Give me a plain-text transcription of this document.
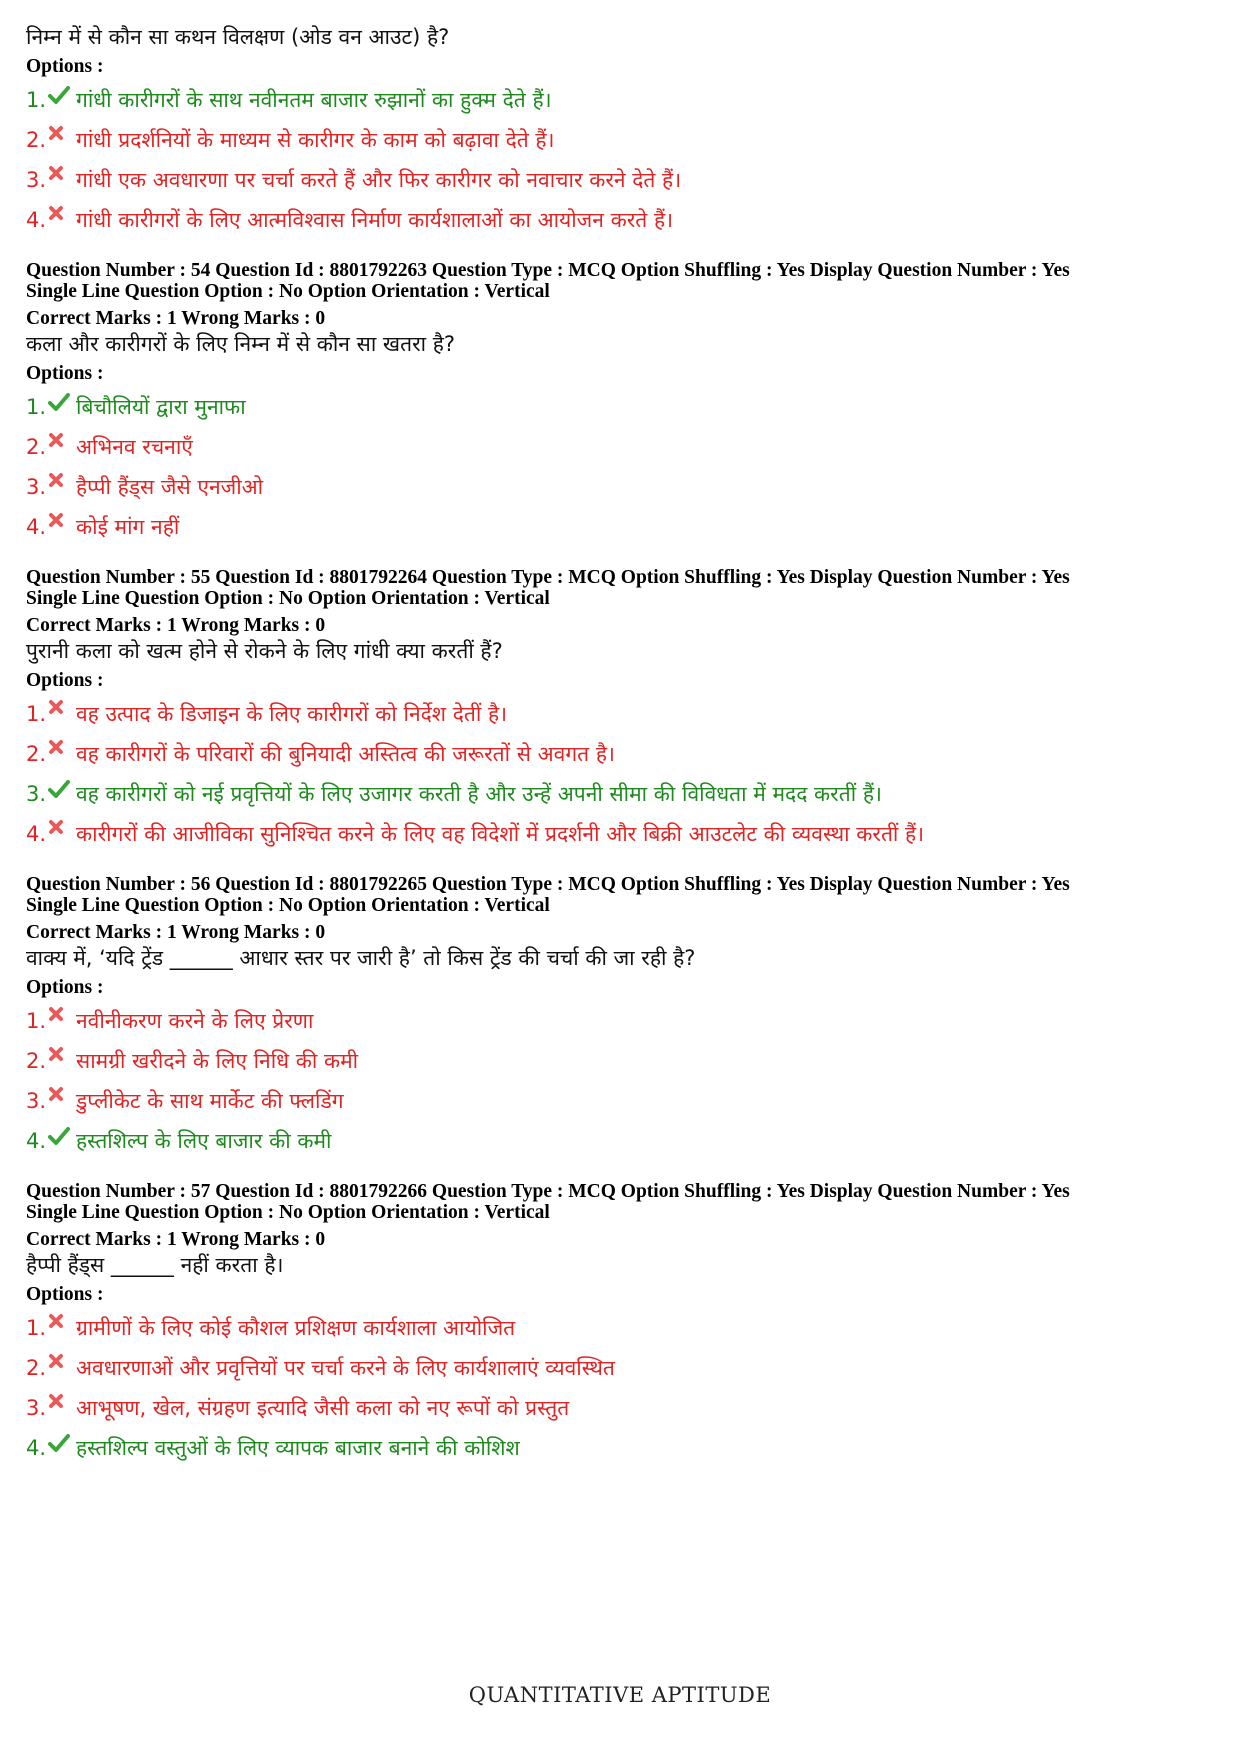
निम्न में से कौन सा कथन विलक्षण (ओड वन आउट) है?
Options :
1. गांधी कारीगरों के साथ नवीनतम बाजार रुझानों का हुक्म देते हैं।
2. गांधी प्रदर्शनियों के माध्यम से कारीगर के काम को बढ़ावा देते हैं।
3. गांधी एक अवधारणा पर चर्चा करते हैं और फिर कारीगर को नवाचार करने देते हैं।
4. गांधी कारीगरों के लिए आत्मविश्वास निर्माण कार्यशालाओं का आयोजन करते हैं।
Question Number : 54 Question Id : 8801792263 Question Type : MCQ Option Shuffling : Yes Display Question Number : Yes
Single Line Question Option : No Option Orientation : Vertical
Correct Marks : 1 Wrong Marks : 0
कला और कारीगरों के लिए निम्न में से कौन सा खतरा है?
Options :
1. बिचौलियों द्वारा मुनाफा
2. अभिनव रचनाएँ
3. हैप्पी हैंड्स जैसे एनजीओ
4. कोई मांग नहीं
Question Number : 55 Question Id : 8801792264 Question Type : MCQ Option Shuffling : Yes Display Question Number : Yes
Single Line Question Option : No Option Orientation : Vertical
Correct Marks : 1 Wrong Marks : 0
पुरानी कला को खत्म होने से रोकने के लिए गांधी क्या करतीं हैं?
Options :
1. वह उत्पाद के डिजाइन के लिए कारीगरों को निर्देश देतीं है।
2. वह कारीगरों के परिवारों की बुनियादी अस्तित्व की जरूरतों से अवगत है।
3. वह कारीगरों को नई प्रवृत्तियों के लिए उजागर करती है और उन्हें अपनी सीमा की विविधता में मदद करतीं हैं।
4. कारीगरों की आजीविका सुनिश्चित करने के लिए वह विदेशों में प्रदर्शनी और बिक्री आउटलेट की व्यवस्था करतीं हैं।
Question Number : 56 Question Id : 8801792265 Question Type : MCQ Option Shuffling : Yes Display Question Number : Yes
Single Line Question Option : No Option Orientation : Vertical
Correct Marks : 1 Wrong Marks : 0
वाक्य में, ‘यदि ट्रेंड ______ आधार स्तर पर जारी है’ तो किस ट्रेंड की चर्चा की जा रही है?
Options :
1. नवीनीकरण करने के लिए प्रेरणा
2. सामग्री खरीदने के लिए निधि की कमी
3. डुप्लीकेट के साथ मार्केट की फ्लडिंग
4. हस्तशिल्प के लिए बाजार की कमी
Question Number : 57 Question Id : 8801792266 Question Type : MCQ Option Shuffling : Yes Display Question Number : Yes
Single Line Question Option : No Option Orientation : Vertical
Correct Marks : 1 Wrong Marks : 0
हैप्पी हैंड्स ______ नहीं करता है।
Options :
1. ग्रामीणों के लिए कोई कौशल प्रशिक्षण कार्यशाला आयोजित
2. अवधारणाओं और प्रवृत्तियों पर चर्चा करने के लिए कार्यशालाएं व्यवस्थित
3. आभूषण, खेल, संग्रहण इत्यादि जैसी कला को नए रूपों को प्रस्तुत
4. हस्तशिल्प वस्तुओं के लिए व्यापक बाजार बनाने की कोशिश
QUANTITATIVE APTITUDE
